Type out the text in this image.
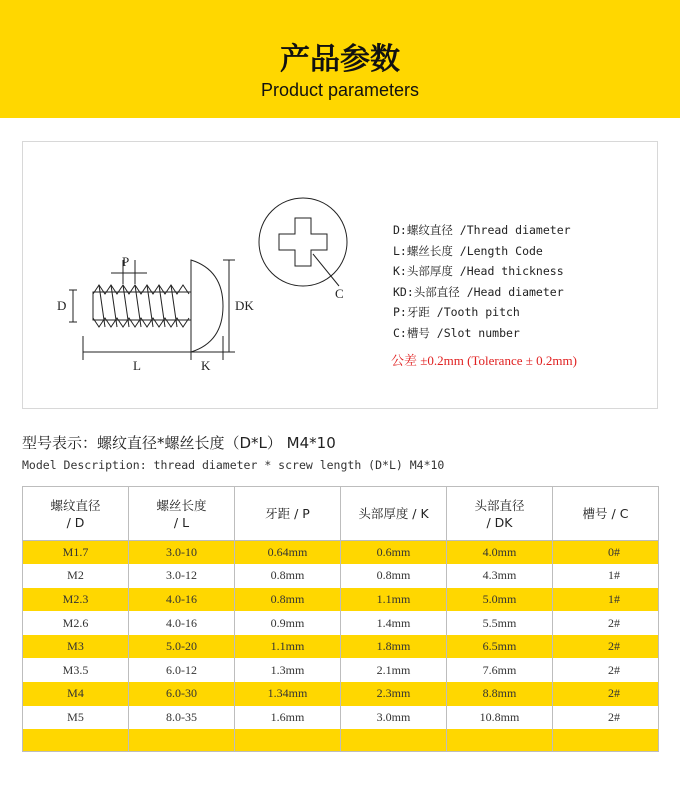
产品参数
Product parameters
P
D	DK
L	K
C
D:螺纹直径 /Thread diameter
L:螺丝长度 /Length Code
K:头部厚度 /Head thickness
KD:头部直径 /Head diameter
P:牙距 /Tooth pitch
C:槽号 /Slot number
公差 ±0.2mm (Tolerance ± 0.2mm)
型号表示：螺纹直径*螺丝长度（D*L） M4*10
Model Description: thread diameter * screw length (D*L) M4*10
螺纹直径
/ D	螺丝长度
/ L	牙距 / P	头部厚度 / K	头部直径
/ DK	槽号 / C
M1.7	3.0-10	0.64mm	0.6mm	4.0mm	0#
M2	3.0-12	0.8mm	0.8mm	4.3mm	1#
M2.3	4.0-16	0.8mm	1.1mm	5.0mm	1#
M2.6	4.0-16	0.9mm	1.4mm	5.5mm	2#
M3	5.0-20	1.1mm	1.8mm	6.5mm	2#
M3.5	6.0-12	1.3mm	2.1mm	7.6mm	2#
M4	6.0-30	1.34mm	2.3mm	8.8mm	2#
M5	8.0-35	1.6mm	3.0mm	10.8mm	2#
